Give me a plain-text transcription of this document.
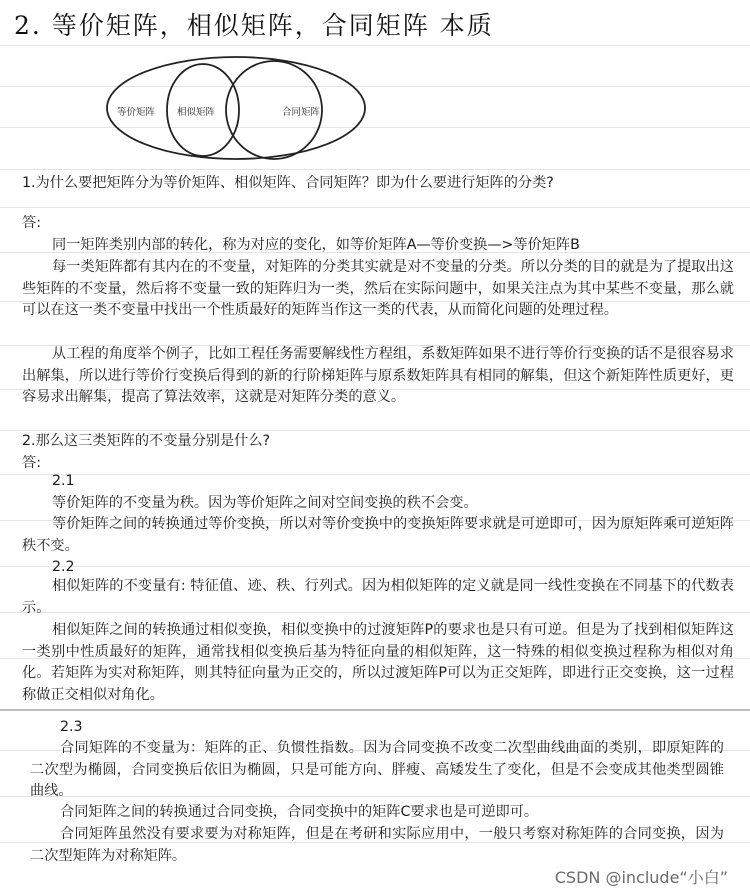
2. 等价矩阵，相似矩阵，合同矩阵 本质
等价矩阵 相似矩阵	合同矩阵
1.为什么要把矩阵分为等价矩阵、相似矩阵、合同矩阵？即为什么要进行矩阵的分类?
答:
同一矩阵类别内部的转化，称为对应的变化，如等价矩阵A—等价变换—>等价矩阵B
每一类矩阵都有其内在的不变量，对矩阵的分类其实就是对不变量的分类。所以分类的目的就是为了提取出这些矩阵的不变量，然后将不变量一致的矩阵归为一类，然后在实际问题中，如果关注点为其中某些不变量，那么就可以在这一类不变量中找出一个性质最好的矩阵当作这一类的代表，从而简化问题的处理过程。
从工程的角度举个例子，比如工程任务需要解线性方程组，系数矩阵如果不进行等价行变换的话不是很容易求出解集，所以进行等价行变换后得到的新的行阶梯矩阵与原系数矩阵具有相同的解集，但这个新矩阵性质更好，更容易求出解集，提高了算法效率，这就是对矩阵分类的意义。
2.那么这三类矩阵的不变量分别是什么?
答:
2.1
等价矩阵的不变量为秩。因为等价矩阵之间对空间变换的秩不会变。
等价矩阵之间的转换通过等价变换，所以对等价变换中的变换矩阵要求就是可逆即可，因为原矩阵乘可逆矩阵秩不变。
2.2
相似矩阵的不变量有: 特征值、迹、秩、行列式。因为相似矩阵的定义就是同一线性变换在不同基下的代数表示。
相似矩阵之间的转换通过相似变换，相似变换中的过渡矩阵P的要求也是只有可逆。但是为了找到相似矩阵这一类别中性质最好的矩阵，通常找相似变换后基为特征向量的相似矩阵，这一特殊的相似变换过程称为相似对角化。若矩阵为实对称矩阵，则其特征向量为正交的，所以过渡矩阵P可以为正交矩阵，即进行正交变换，这一过程称做正交相似对角化。
2.3
合同矩阵的不变量为：矩阵的正、负惯性指数。因为合同变换不改变二次型曲线曲面的类别，即原矩阵的二次型为椭圆，合同变换后依旧为椭圆，只是可能方向、胖瘦、高矮发生了变化，但是不会变成其他类型圆锥曲线。
合同矩阵之间的转换通过合同变换，合同变换中的矩阵C要求也是可逆即可。
合同矩阵虽然没有要求要为对称矩阵，但是在考研和实际应用中，一般只考察对称矩阵的合同变换，因为二次型矩阵为对称矩阵。
CSDN @include“小白”
